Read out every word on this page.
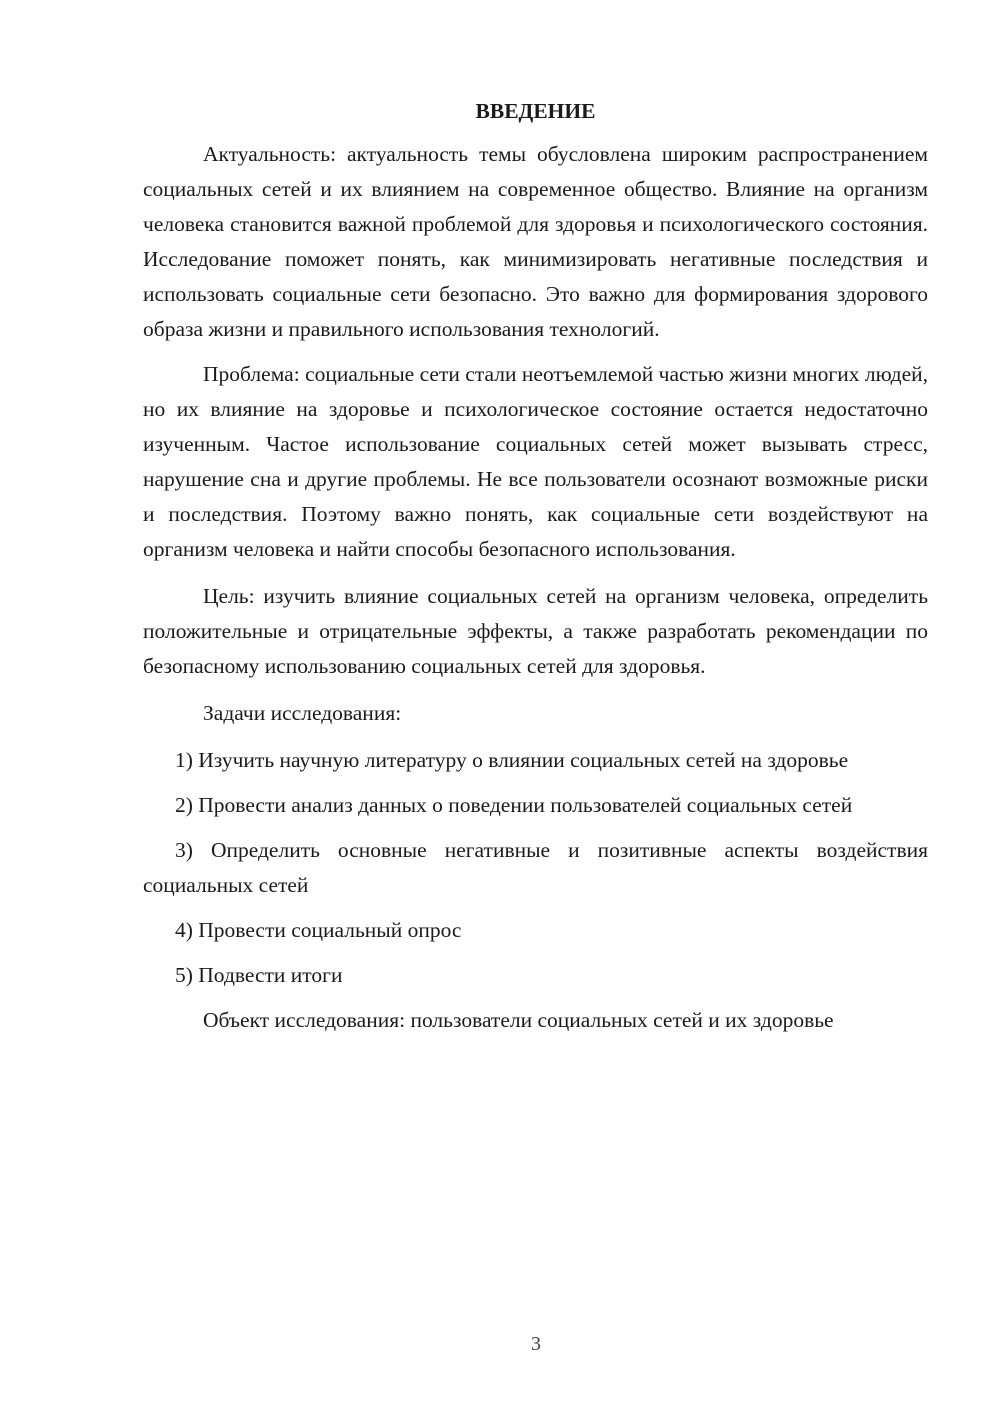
ВВЕДЕНИЕ

Актуальность: актуальность темы обусловлена широким распространением социальных сетей и их влиянием на современное общество. Влияние на организм человека становится важной проблемой для здоровья и психологического состояния. Исследование поможет понять, как минимизировать негативные последствия и использовать социальные сети безопасно. Это важно для формирования здорового образа жизни и правильного использования технологий.

Проблема: социальные сети стали неотъемлемой частью жизни многих людей, но их влияние на здоровье и психологическое состояние остается недостаточно изученным. Частое использование социальных сетей может вызывать стресс, нарушение сна и другие проблемы. Не все пользователи осознают возможные риски и последствия. Поэтому важно понять, как социальные сети воздействуют на организм человека и найти способы безопасного использования.

Цель: изучить влияние социальных сетей на организм человека, определить положительные и отрицательные эффекты, а также разработать рекомендации по безопасному использованию социальных сетей для здоровья.

Задачи исследования:

1) Изучить научную литературу о влиянии социальных сетей на здоровье

2) Провести анализ данных о поведении пользователей социальных сетей

3) Определить основные негативные и позитивные аспекты воздействия социальных сетей

4) Провести социальный опрос

5) Подвести итоги

Объект исследования: пользователи социальных сетей и их здоровье

3
